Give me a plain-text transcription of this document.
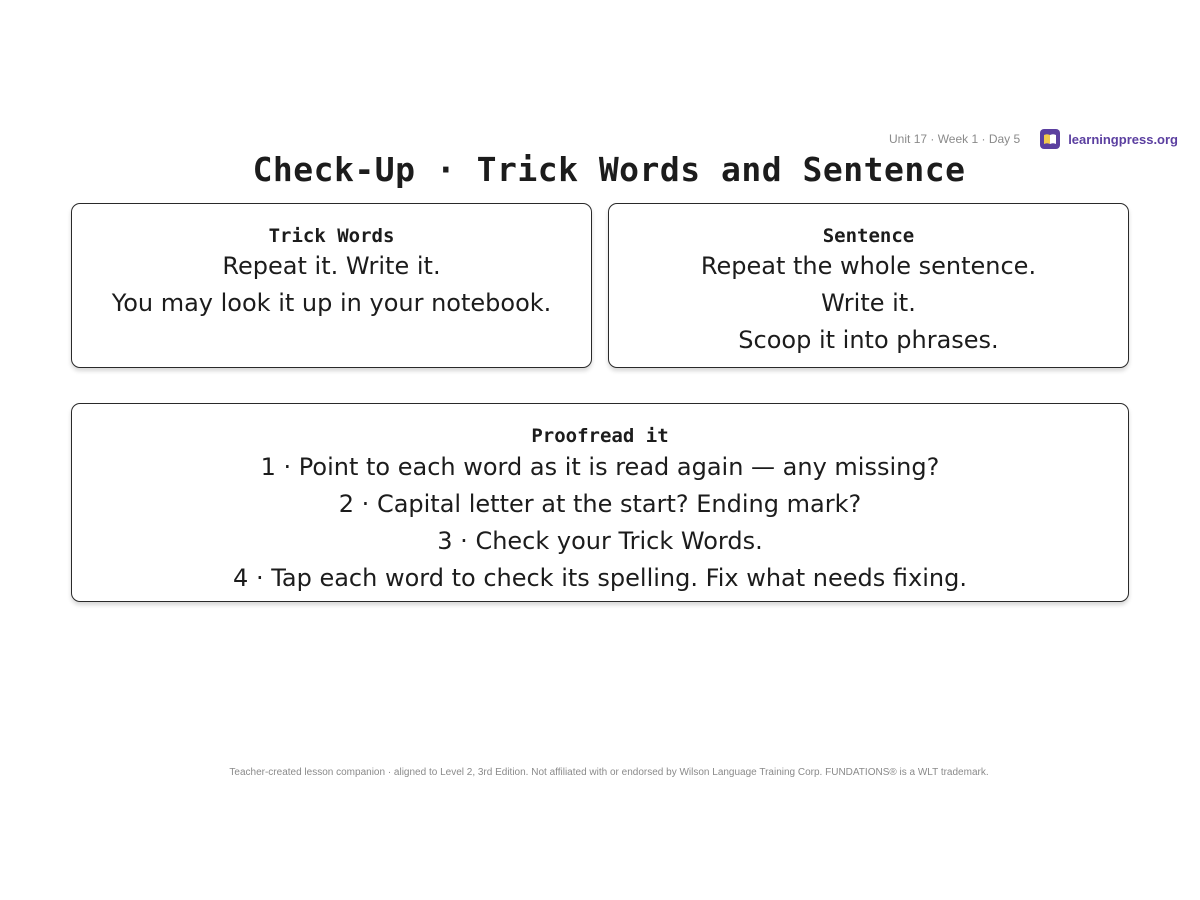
Unit 17 · Week 1 · Day 5	learningpress.org
Check-Up · Trick Words and Sentence

Trick Words

Repeat it. Write it.

You may look it up in your notebook.

Sentence

Repeat the whole sentence.

Write it.

Scoop it into phrases.

Proofread it

1 · Point to each word as it is read again — any missing?

2 · Capital letter at the start? Ending mark?

3 · Check your Trick Words.

4 · Tap each word to check its spelling. Fix what needs fixing.

Teacher-created lesson companion · aligned to Level 2, 3rd Edition. Not affiliated with or endorsed by Wilson Language Training Corp. FUNDATIONS® is a WLT trademark.
